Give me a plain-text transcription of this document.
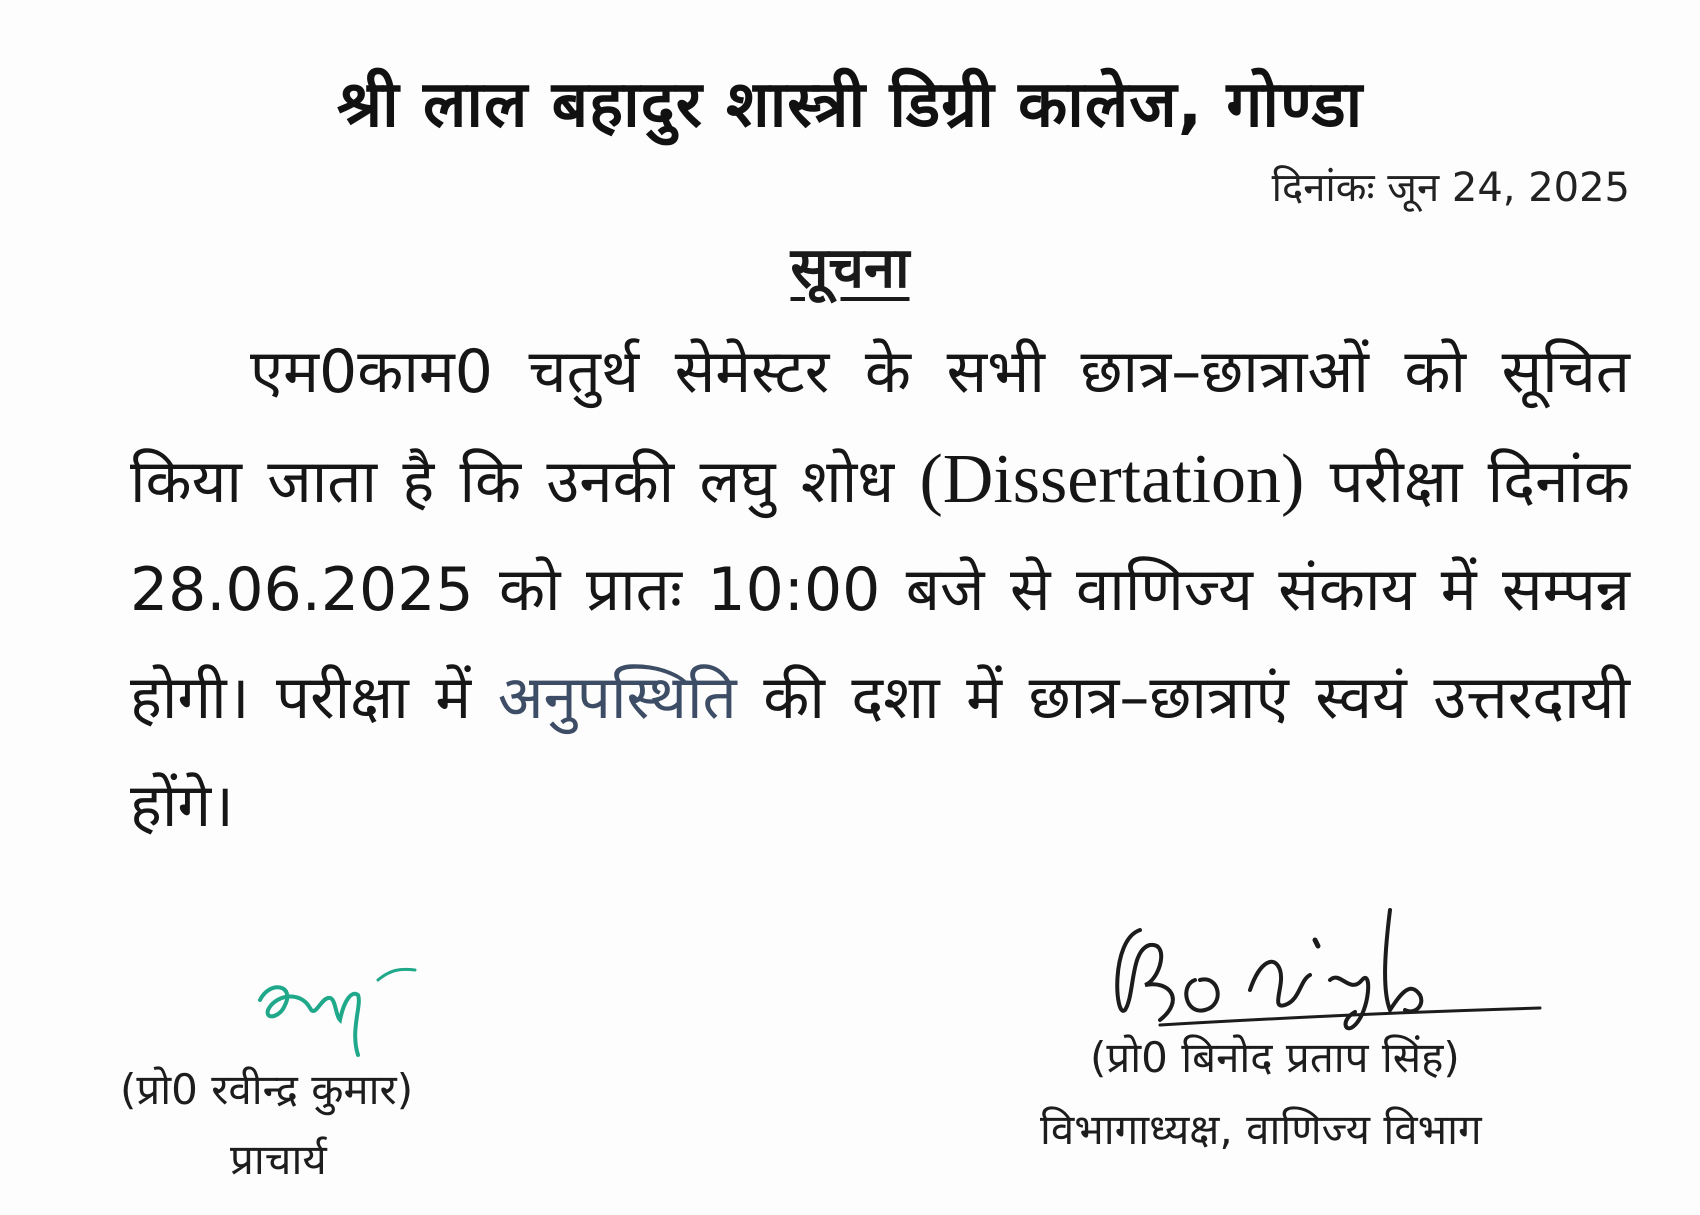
श्री लाल बहादुर शास्त्री डिग्री कालेज, गोण्डा
दिनांकः जून 24, 2025
सूचना
एम0काम0 चतुर्थ सेमेस्टर के सभी छात्र–छात्राओं को सूचित किया जाता है कि उनकी लघु शोध (Dissertation) परीक्षा दिनांक 28.06.2025 को प्रातः 10:00 बजे से वाणिज्य संकाय में सम्पन्न होगी। परीक्षा में अनुपस्थिति की दशा में छात्र–छात्राएं स्वयं उत्तरदायी होंगे।
(प्रो0 रवीन्द्र कुमार)
प्राचार्य
(प्रो0 बिनोद प्रताप सिंह)
विभागाध्यक्ष, वाणिज्य विभाग
